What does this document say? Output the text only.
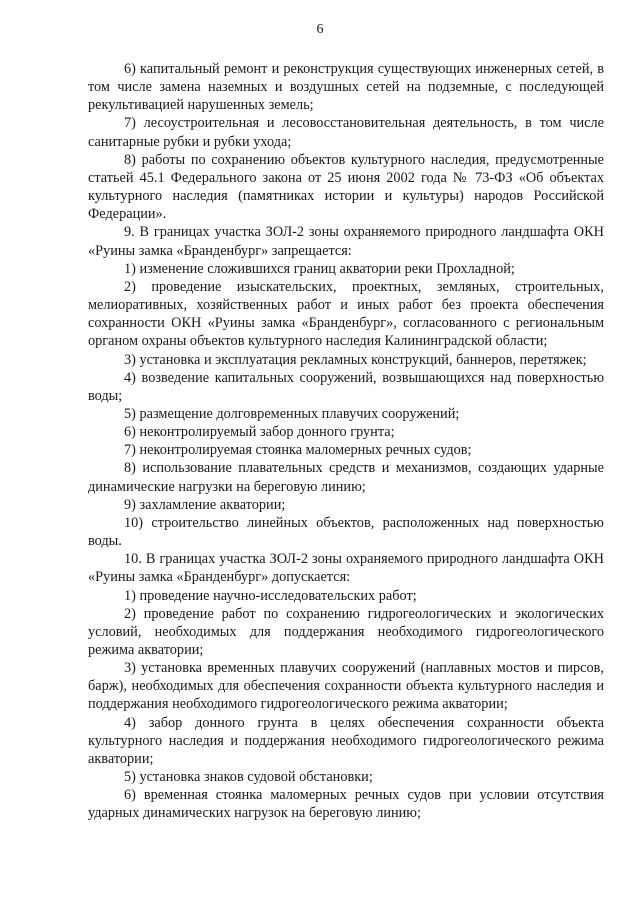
6

6) капитальный ремонт и реконструкция существующих инженерных сетей, в том числе замена наземных и воздушных сетей на подземные, с последующей рекультивацией нарушенных земель;

7) лесоустроительная и лесовосстановительная деятельность, в том числе санитарные рубки и рубки ухода;

8) работы по сохранению объектов культурного наследия, предусмотренные статьей 45.1 Федерального закона от 25 июня 2002 года № 73-ФЗ «Об объектах культурного наследия (памятниках истории и культуры) народов Российской Федерации».

9. В границах участка ЗОЛ-2 зоны охраняемого природного ландшафта ОКН «Руины замка «Бранденбург» запрещается:

1) изменение сложившихся границ акватории реки Прохладной;

2) проведение изыскательских, проектных, земляных, строительных, мелиоративных, хозяйственных работ и иных работ без проекта обеспечения сохранности ОКН «Руины замка «Бранденбург», согласованного с региональным органом охраны объектов культурного наследия Калининградской области;

3) установка и эксплуатация рекламных конструкций, баннеров, перетяжек;

4) возведение капитальных сооружений, возвышающихся над поверхностью воды;

5) размещение долговременных плавучих сооружений;

6) неконтролируемый забор донного грунта;

7) неконтролируемая стоянка маломерных речных судов;

8) использование плавательных средств и механизмов, создающих ударные динамические нагрузки на береговую линию;

9) захламление акватории;

10) строительство линейных объектов, расположенных над поверхностью воды.

10. В границах участка ЗОЛ-2 зоны охраняемого природного ландшафта ОКН «Руины замка «Бранденбург» допускается:

1) проведение научно-исследовательских работ;

2) проведение работ по сохранению гидрогеологических и экологических условий, необходимых для поддержания необходимого гидрогеологического режима акватории;

3) установка временных плавучих сооружений (наплавных мостов и пирсов, барж), необходимых для обеспечения сохранности объекта культурного наследия и поддержания необходимого гидрогеологического режима акватории;

4) забор донного грунта в целях обеспечения сохранности объекта культурного наследия и поддержания необходимого гидрогеологического режима акватории;

5) установка знаков судовой обстановки;

6) временная стоянка маломерных речных судов при условии отсутствия ударных динамических нагрузок на береговую линию;
